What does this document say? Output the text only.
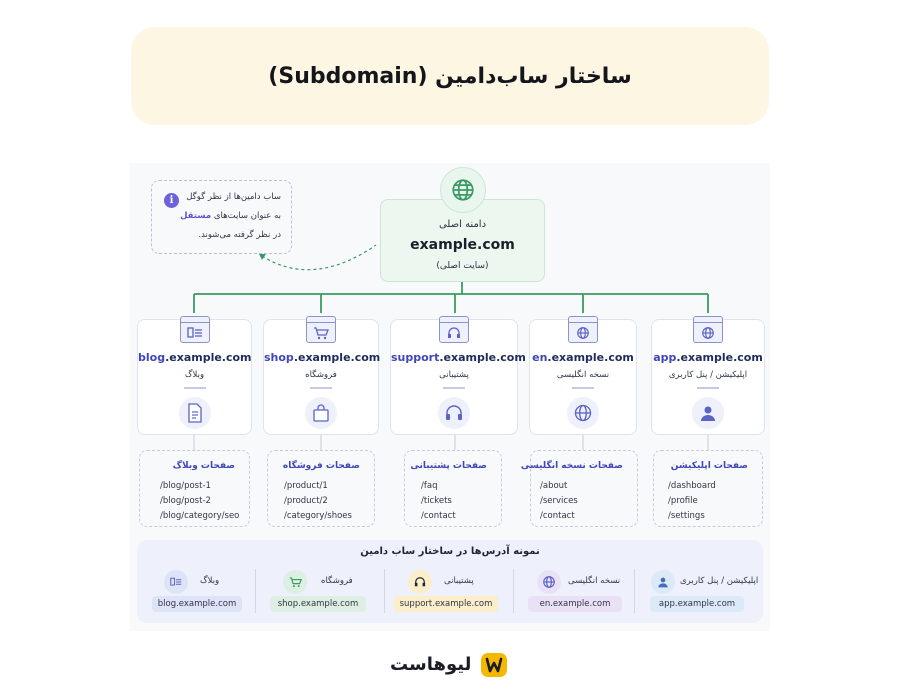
ساختار ساب‌دامین (Subdomain)
i	ساب دامین‌ها از نظر گوگل
به عنوان سایت‌های مستقل
در نظر گرفته می‌شوند.
دامنه اصلی
example.com
(سایت اصلی)
blog.example.com
وبلاگ
shop.example.com
فروشگاه
support.example.com
پشتیبانی
en.example.com
نسخه انگلیسی
app.example.com
اپلیکیشن / پنل کاربری
صفحات وبلاگ
/blog/post-1
/blog/post-2
/blog/category/seo
صفحات فروشگاه
/product/1
/product/2
/category/shoes
صفحات پشتیبانی
/faq
/tickets
/contact
صفحات نسخه انگلیسی
/about
/services
/contact
صفحات اپلیکیشن
/dashboard
/profile
/settings
نمونه آدرس‌ها در ساختار ساب دامین
وبلاگ
blog.example.com
فروشگاه
shop.example.com
پشتیبانی
support.example.com
نسخه انگلیسی
en.example.com
اپلیکیشن / پنل کاربری
app.example.com
لیوهاست
